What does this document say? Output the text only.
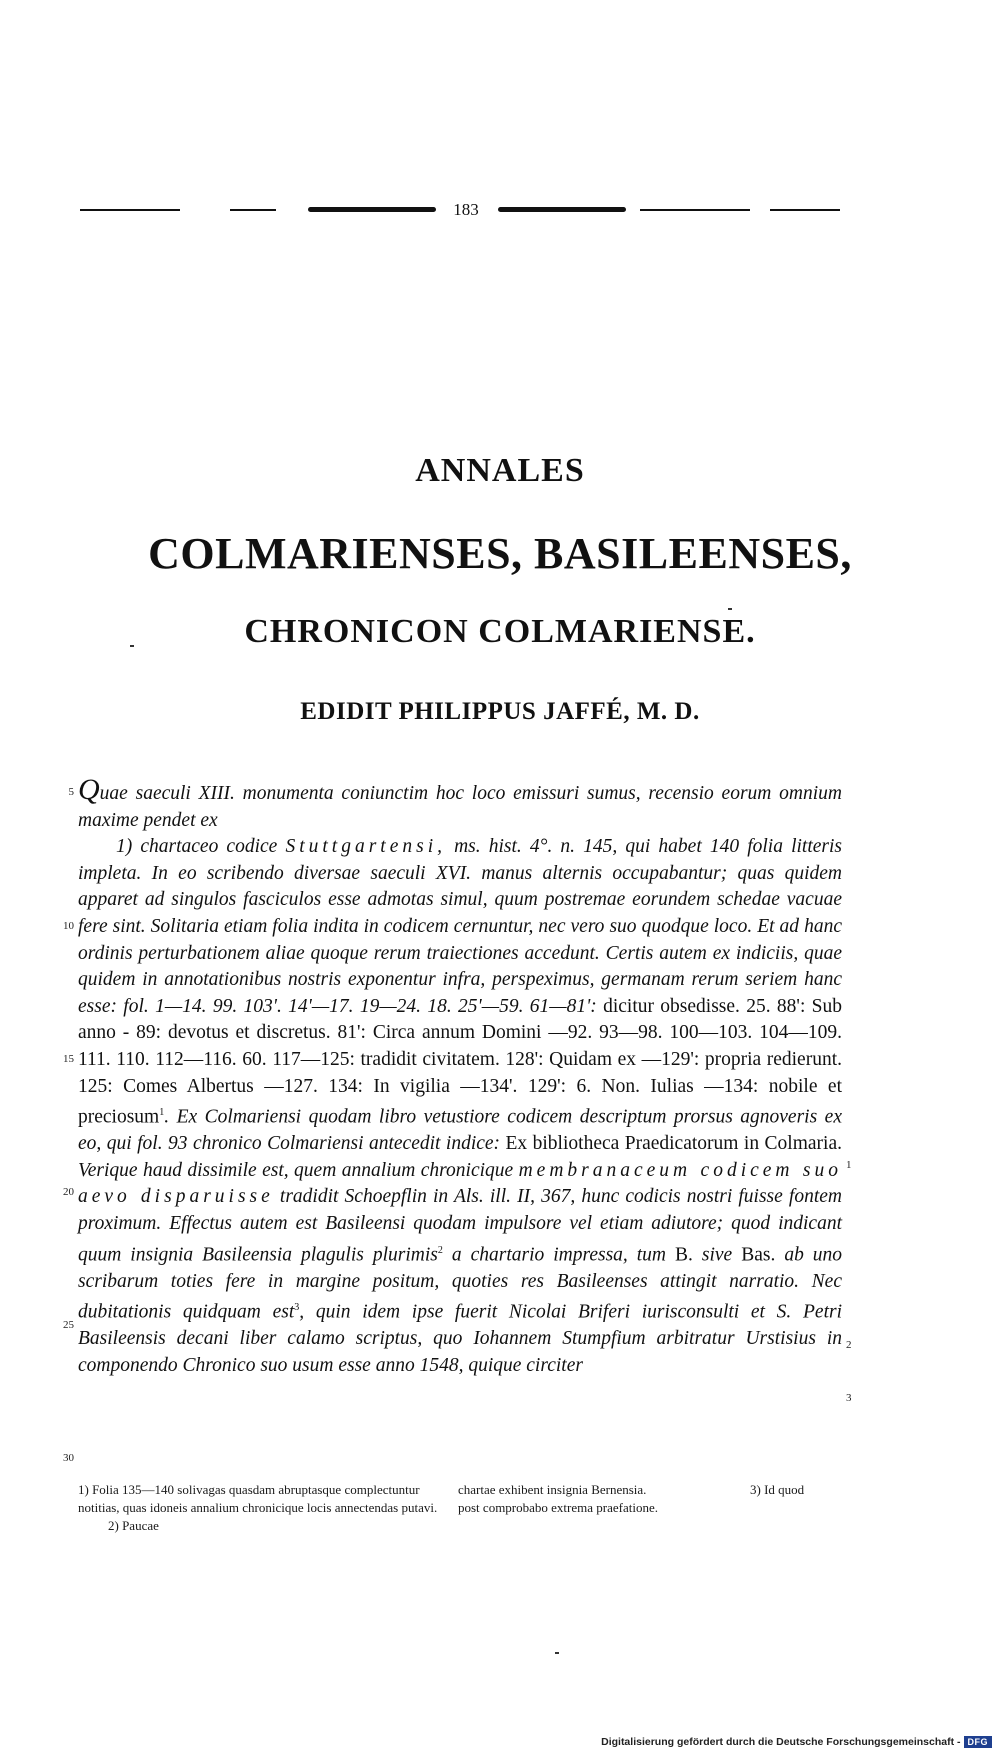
183
ANNALES
COLMARIENSES, BASILEENSES,
CHRONICON COLMARIENSE.
EDIDIT PHILIPPUS JAFFÉ, M. D.
5
10
15
20
25
30
1
2
3

Quae saeculi XIII. monumenta coniunctim hoc loco emissuri sumus, recensio eorum omnium maxime pendet ex

1) chartaceo codice Stuttgartensi, ms. hist. 4°. n. 145, qui habet 140 folia litteris impleta. In eo scribendo diversae saeculi XVI. manus alternis occupabantur; quas quidem apparet ad singulos fasciculos esse admotas simul, quum postremae eorundem schedae vacuae fere sint. Solitaria etiam folia indita in codicem cernuntur, nec vero suo quodque loco. Et ad hanc ordinis perturbationem aliae quoque rerum traiectiones accedunt. Certis autem ex indiciis, quae quidem in annotationibus nostris exponentur infra, perspeximus, germanam rerum seriem hanc esse: fol. 1—14. 99. 103'. 14'—17. 19—24. 18. 25'—59. 61—81': dicitur obsedisse. 25. 88': Sub anno - 89: devotus et discretus. 81': Circa annum Domini —92. 93—98. 100—103. 104—109. 111. 110. 112—116. 60. 117—125: tradidit civitatem. 128': Quidam ex —129': propria redierunt. 125: Comes Albertus —127. 134: In vigilia —134'. 129': 6. Non. Iulias —134: nobile et preciosum$^1$. Ex Colmariensi quodam libro vetustiore codicem descriptum prorsus agnoveris ex eo, qui fol. 93 chronico Colmariensi antecedit indice: Ex bibliotheca Praedicatorum in Colmaria. Verique haud dissimile est, quem annalium chronicique membranaceum codicem suo aevo disparuisse tradidit Schoepflin in Als. ill. II, 367, hunc codicis nostri fuisse fontem proximum. Effectus autem est Basileensi quodam impulsore vel etiam adiutore; quod indicant quum insignia Basileensia plagulis plurimis$^2$ a chartario impressa, tum B. sive Bas. ab uno scribarum toties fere in margine positum, quoties res Basileenses attingit narratio. Nec dubitationis quidquam est$^3$, quin idem ipse fuerit Nicolai Briferi iurisconsulti et S. Petri Basileensis decani liber calamo scriptus, quo Iohannem Stumpfium arbitratur Urstisius in componendo Chronico suo usum esse anno 1548, quique circiter

1) Folia 135—140 solivagas quasdam abruptasque complectuntur notitias, quas idoneis annalium chronicique locis annectendas putavi. 2) Paucae
chartae exhibent insignia Bernensia.
post comprobabo extrema praefatione.
3) Id quod
Digitalisierung gefördert durch die Deutsche Forschungsgemeinschaft - DFG
